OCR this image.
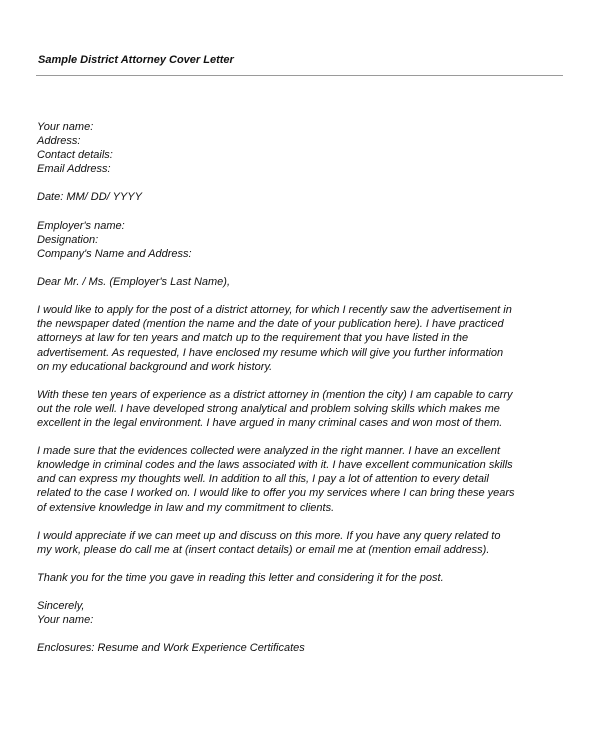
Sample District Attorney Cover Letter
Your name:
Address:
Contact details:
Email Address:
Date: MM/ DD/ YYYY
Employer's name:
Designation:
Company's Name and Address:
Dear Mr. / Ms. (Employer's Last Name),
I would like to apply for the post of a district attorney, for which I recently saw the advertisement in
the newspaper dated (mention the name and the date of your publication here). I have practiced
attorneys at law for ten years and match up to the requirement that you have listed in the
advertisement. As requested, I have enclosed my resume which will give you further information
on my educational background and work history.
With these ten years of experience as a district attorney in (mention the city) I am capable to carry
out the role well. I have developed strong analytical and problem solving skills which makes me
excellent in the legal environment. I have argued in many criminal cases and won most of them.
I made sure that the evidences collected were analyzed in the right manner. I have an excellent
knowledge in criminal codes and the laws associated with it. I have excellent communication skills
and can express my thoughts well. In addition to all this, I pay a lot of attention to every detail
related to the case I worked on. I would like to offer you my services where I can bring these years
of extensive knowledge in law and my commitment to clients.
I would appreciate if we can meet up and discuss on this more. If you have any query related to
my work, please do call me at (insert contact details) or email me at (mention email address).
Thank you for the time you gave in reading this letter and considering it for the post.
Sincerely,
Your name:
Enclosures: Resume and Work Experience Certificates
